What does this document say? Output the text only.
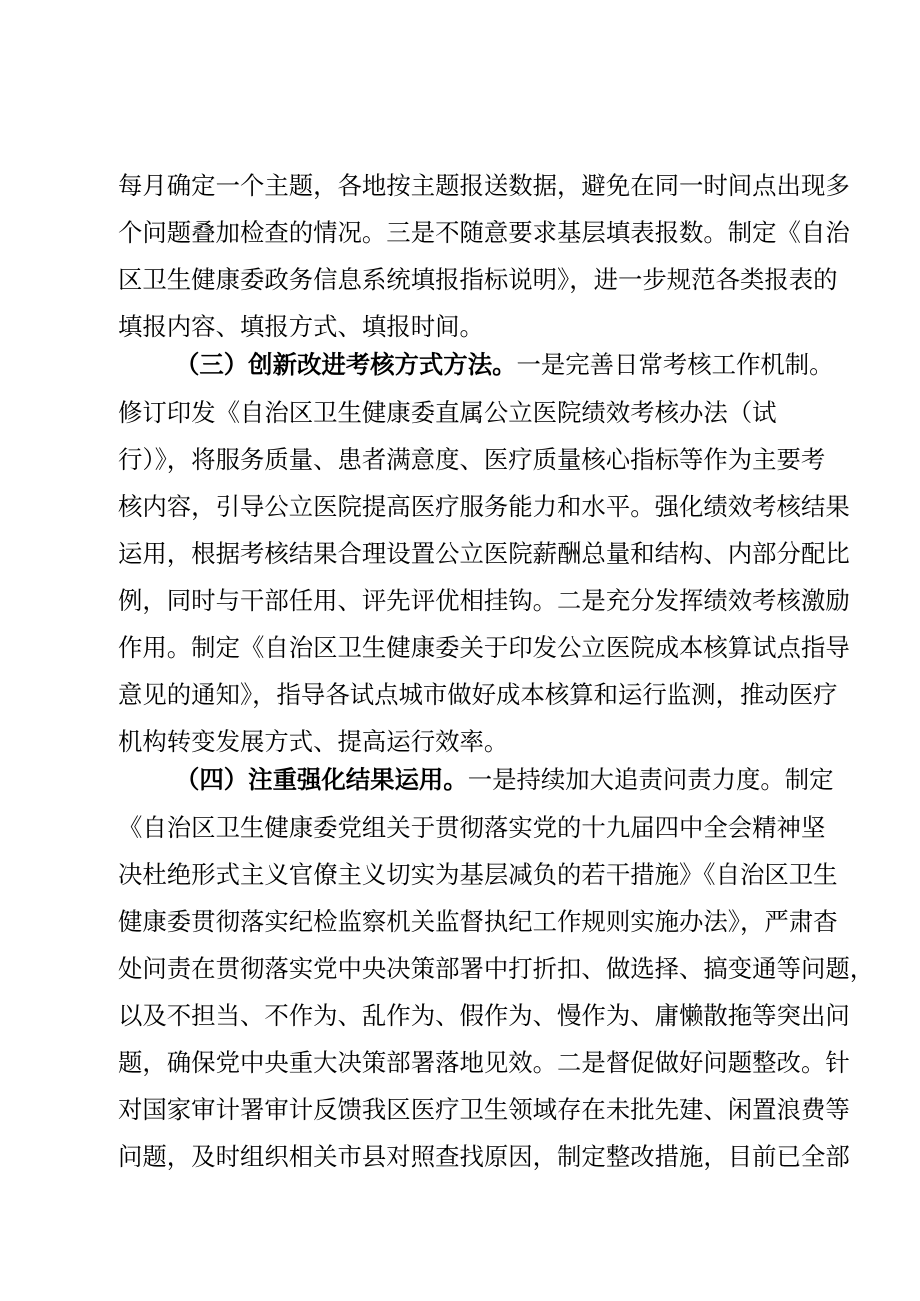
每月确定一个主题，各地按主题报送数据，避免在同一时间点出现多
个问题叠加检查的情况。三是不随意要求基层填表报数。制定《自治
区卫生健康委政务信息系统填报指标说明》，进一步规范各类报表的
填报内容、填报方式、填报时间。
（三）创新改进考核方式方法。一是完善日常考核工作机制。
修订印发《自治区卫生健康委直属公立医院绩效考核办法（试
行）》，将服务质量、患者满意度、医疗质量核心指标等作为主要考
核内容，引导公立医院提高医疗服务能力和水平。强化绩效考核结果
运用，根据考核结果合理设置公立医院薪酬总量和结构、内部分配比
例，同时与干部任用、评先评优相挂钩。二是充分发挥绩效考核激励
作用。制定《自治区卫生健康委关于印发公立医院成本核算试点指导
意见的通知》，指导各试点城市做好成本核算和运行监测，推动医疗
机构转变发展方式、提高运行效率。
（四）注重强化结果运用。一是持续加大追责问责力度。制定
《自治区卫生健康委党组关于贯彻落实党的十九届四中全会精神坚
决杜绝形式主义官僚主义切实为基层减负的若干措施》《自治区卫生
健康委贯彻落实纪检监察机关监督执纪工作规则实施办法》，严肃杳
处问责在贯彻落实党中央决策部署中打折扣、做选择、搞变通等问题，
以及不担当、不作为、乱作为、假作为、慢作为、庸懒散拖等突出问
题，确保党中央重大决策部署落地见效。二是督促做好问题整改。针
对国家审计署审计反馈我区医疗卫生领域存在未批先建、闲置浪费等
问题，及时组织相关市县对照查找原因，制定整改措施，目前已全部
